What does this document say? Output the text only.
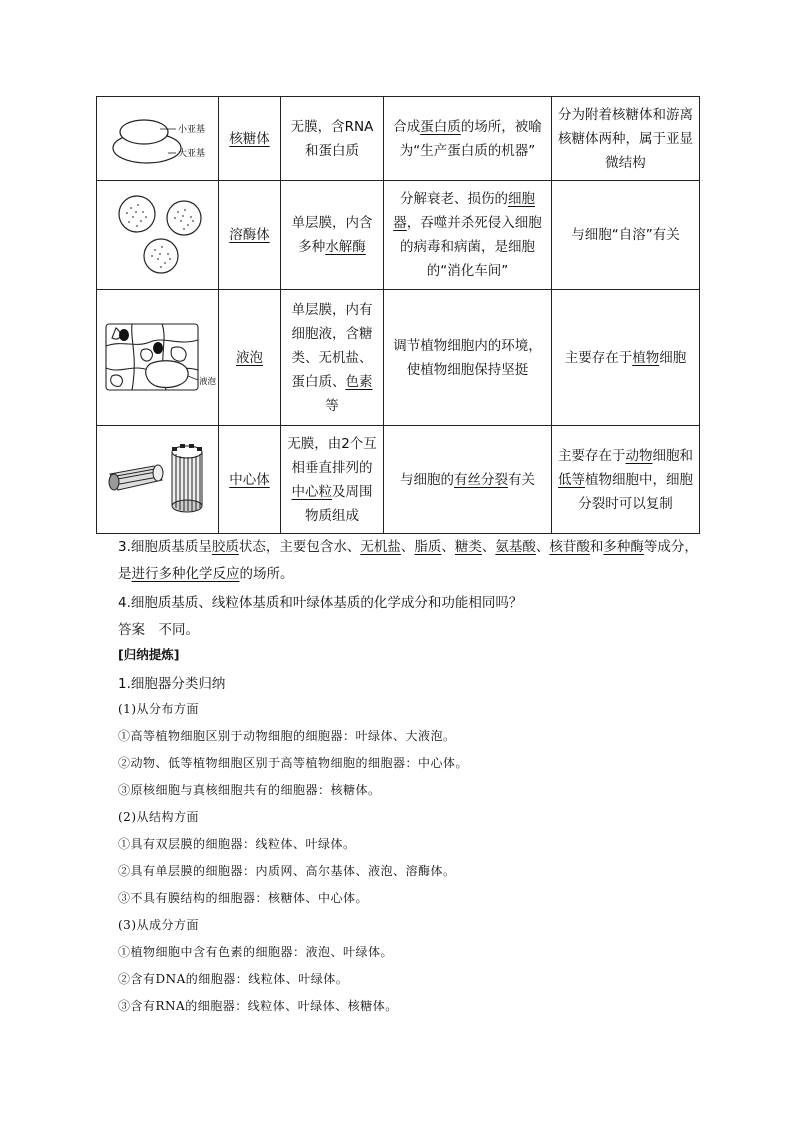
小亚基
大亚基	核糖体	无膜，含RNA和蛋白质	合成蛋白质的场所，被喻为“生产蛋白质的机器”	分为附着核糖体和游离核糖体两种，属于亚显微结构

	溶酶体	单层膜，内含多种水解酶	分解衰老、损伤的细胞器，吞噬并杀死侵入细胞的病毒和病菌，是细胞的“消化车间”	与细胞“自溶”有关

液泡	液泡	单层膜，内有细胞液，含糖类、无机盐、蛋白质、色素等	调节植物细胞内的环境，使植物细胞保持坚挺	主要存在于植物细胞

	中心体	无膜，由2个互相垂直排列的中心粒及周围物质组成	与细胞的有丝分裂有关	主要存在于动物细胞和低等植物细胞中，细胞分裂时可以复制
3.细胞质基质呈胶质状态，主要包含水、无机盐、脂质、糖类、氨基酸、核苷酸和多种酶等成分，是进行多种化学反应的场所。
4.细胞质基质、线粒体基质和叶绿体基质的化学成分和功能相同吗？
答案　不同。
[归纳提炼]
1.细胞器分类归纳
(1)从分布方面
①高等植物细胞区别于动物细胞的细胞器：叶绿体、大液泡。
②动物、低等植物细胞区别于高等植物细胞的细胞器：中心体。
③原核细胞与真核细胞共有的细胞器：核糖体。
(2)从结构方面
①具有双层膜的细胞器：线粒体、叶绿体。
②具有单层膜的细胞器：内质网、高尔基体、液泡、溶酶体。
③不具有膜结构的细胞器：核糖体、中心体。
(3)从成分方面
①植物细胞中含有色素的细胞器：液泡、叶绿体。
②含有DNA的细胞器：线粒体、叶绿体。
③含有RNA的细胞器：线粒体、叶绿体、核糖体。
